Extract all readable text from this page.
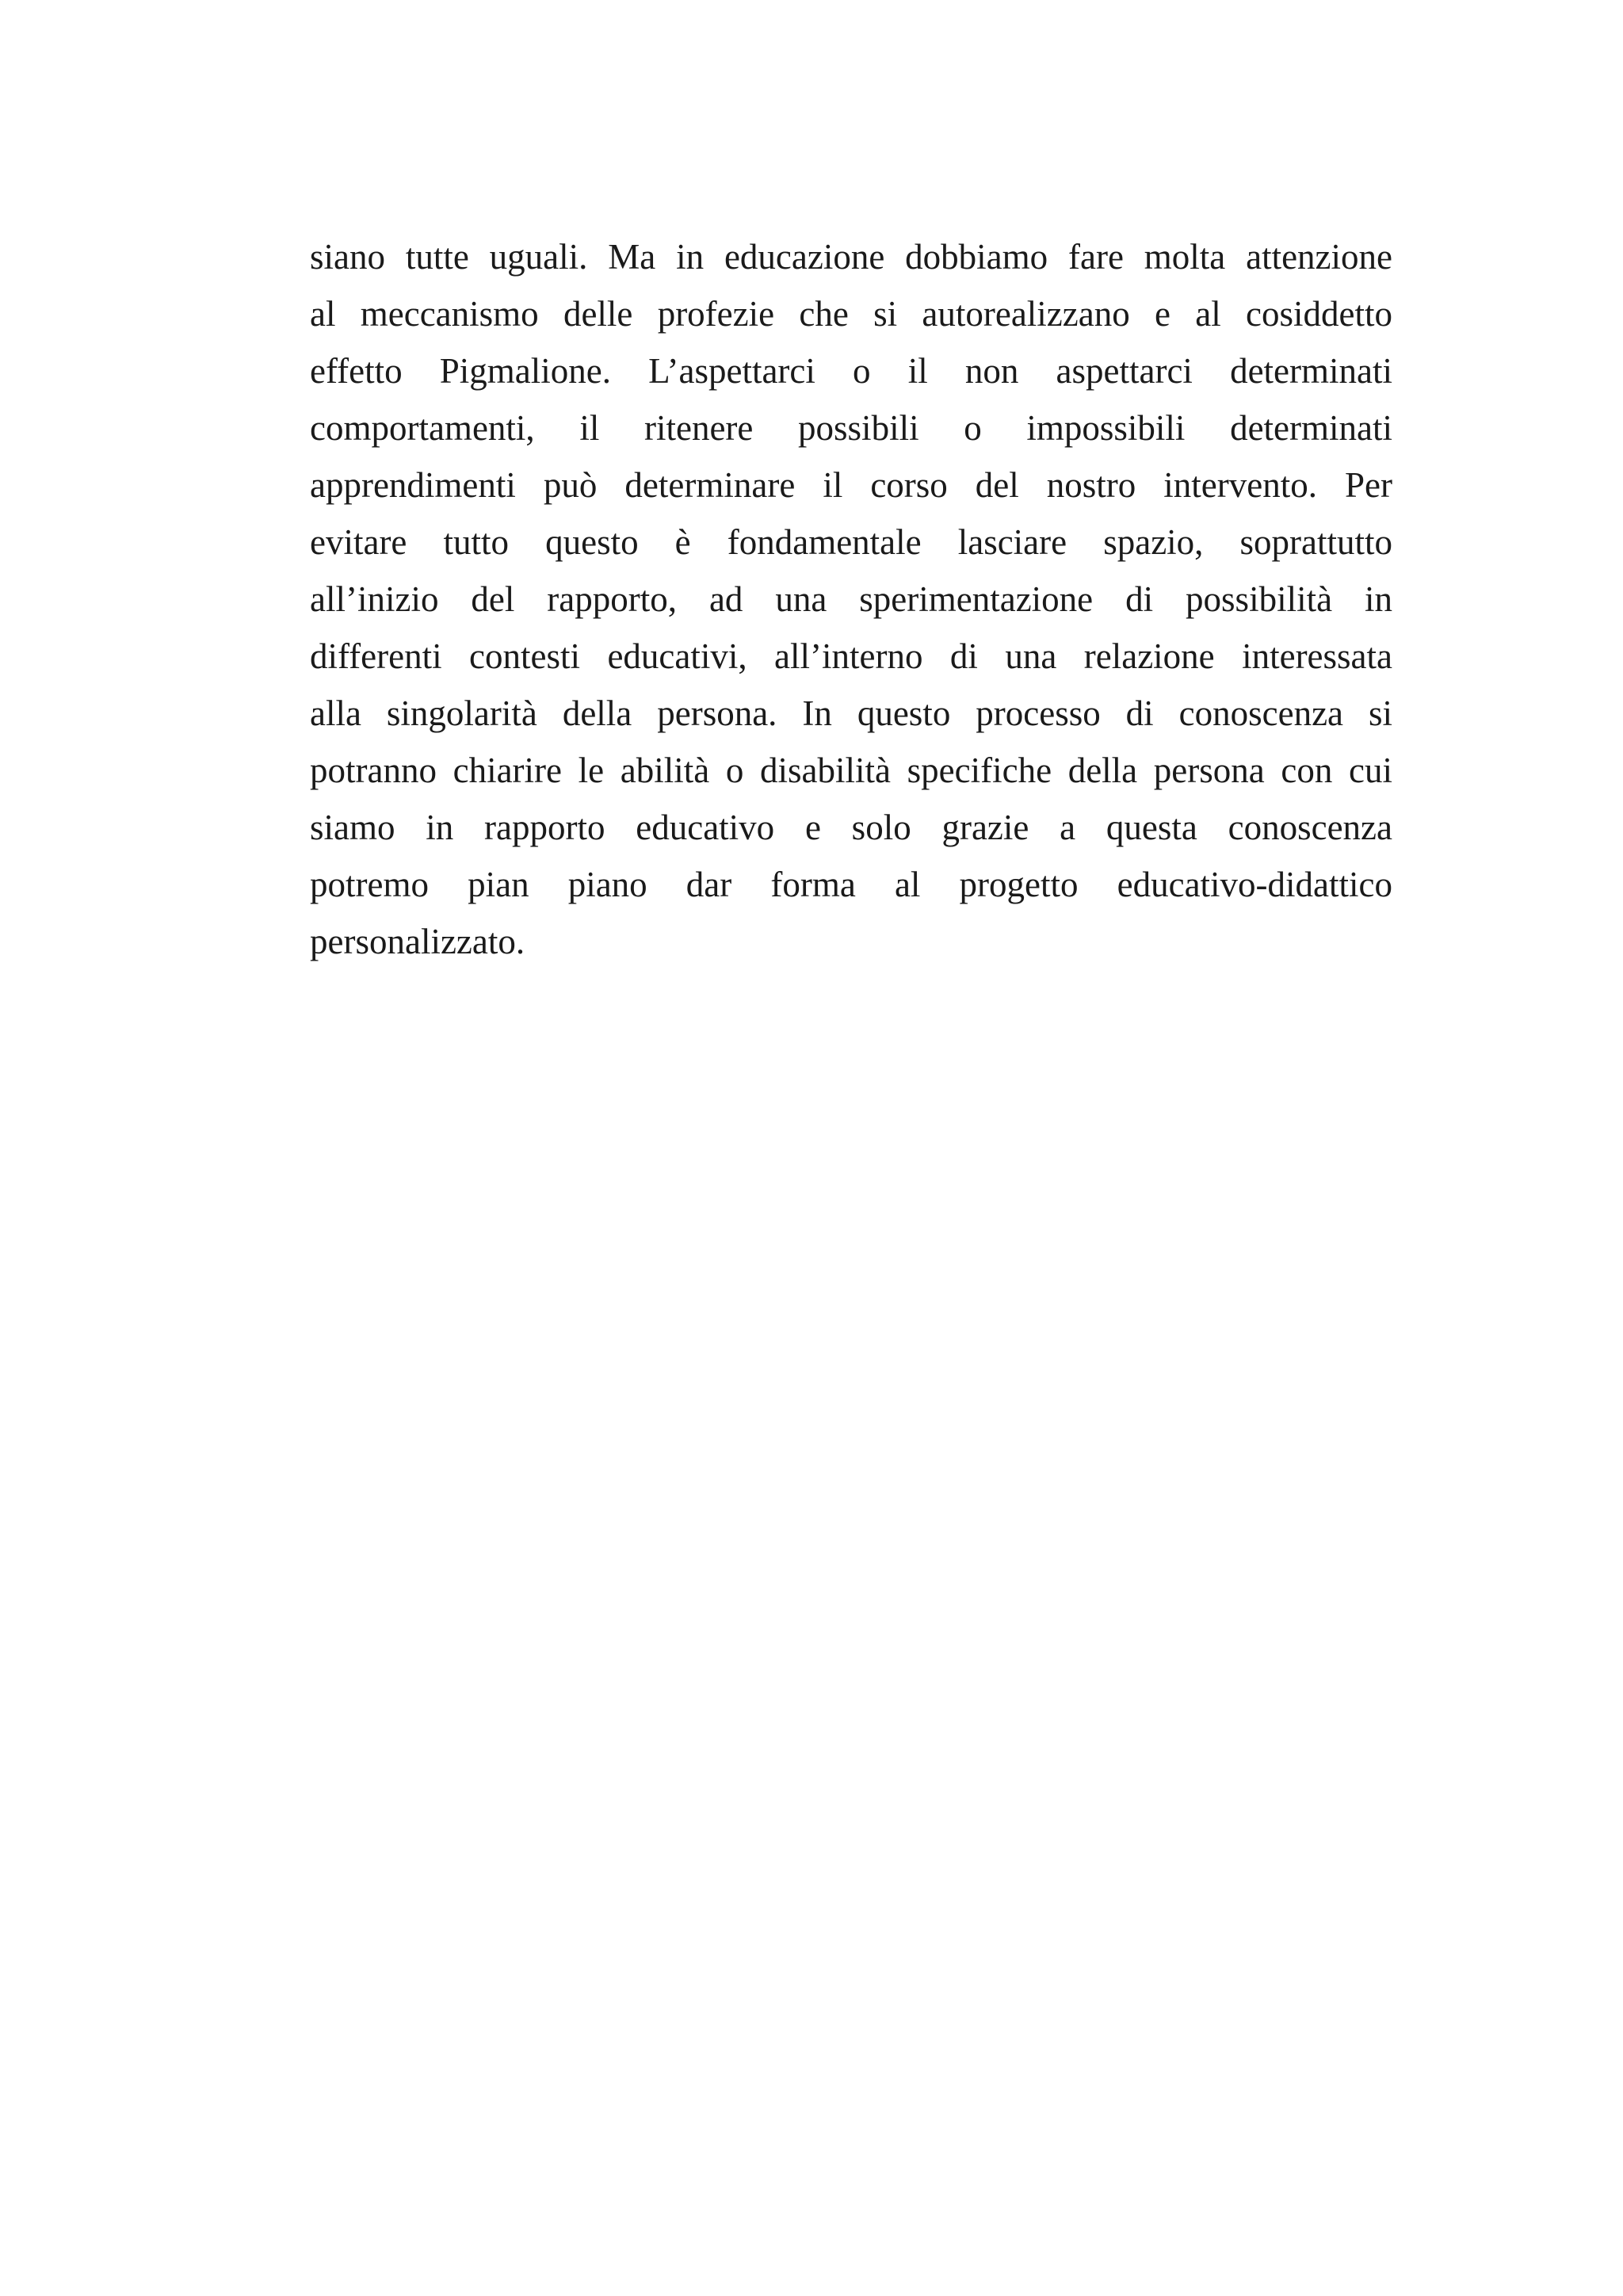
siano tutte uguali. Ma in educazione dobbiamo fare molta attenzione
al meccanismo delle profezie che si autorealizzano e al cosiddetto
effetto Pigmalione. L’aspettarci o il non aspettarci determinati
comportamenti, il ritenere possibili o impossibili determinati
apprendimenti può determinare il corso del nostro intervento. Per
evitare tutto questo è fondamentale lasciare spazio, soprattutto
all’inizio del rapporto, ad una sperimentazione di possibilità in
differenti contesti educativi, all’interno di una relazione interessata
alla singolarità della persona. In questo processo di conoscenza si
potranno chiarire le abilità o disabilità specifiche della persona con cui
siamo in rapporto educativo e solo grazie a questa conoscenza
potremo pian piano dar forma al progetto educativo-didattico
personalizzato.
